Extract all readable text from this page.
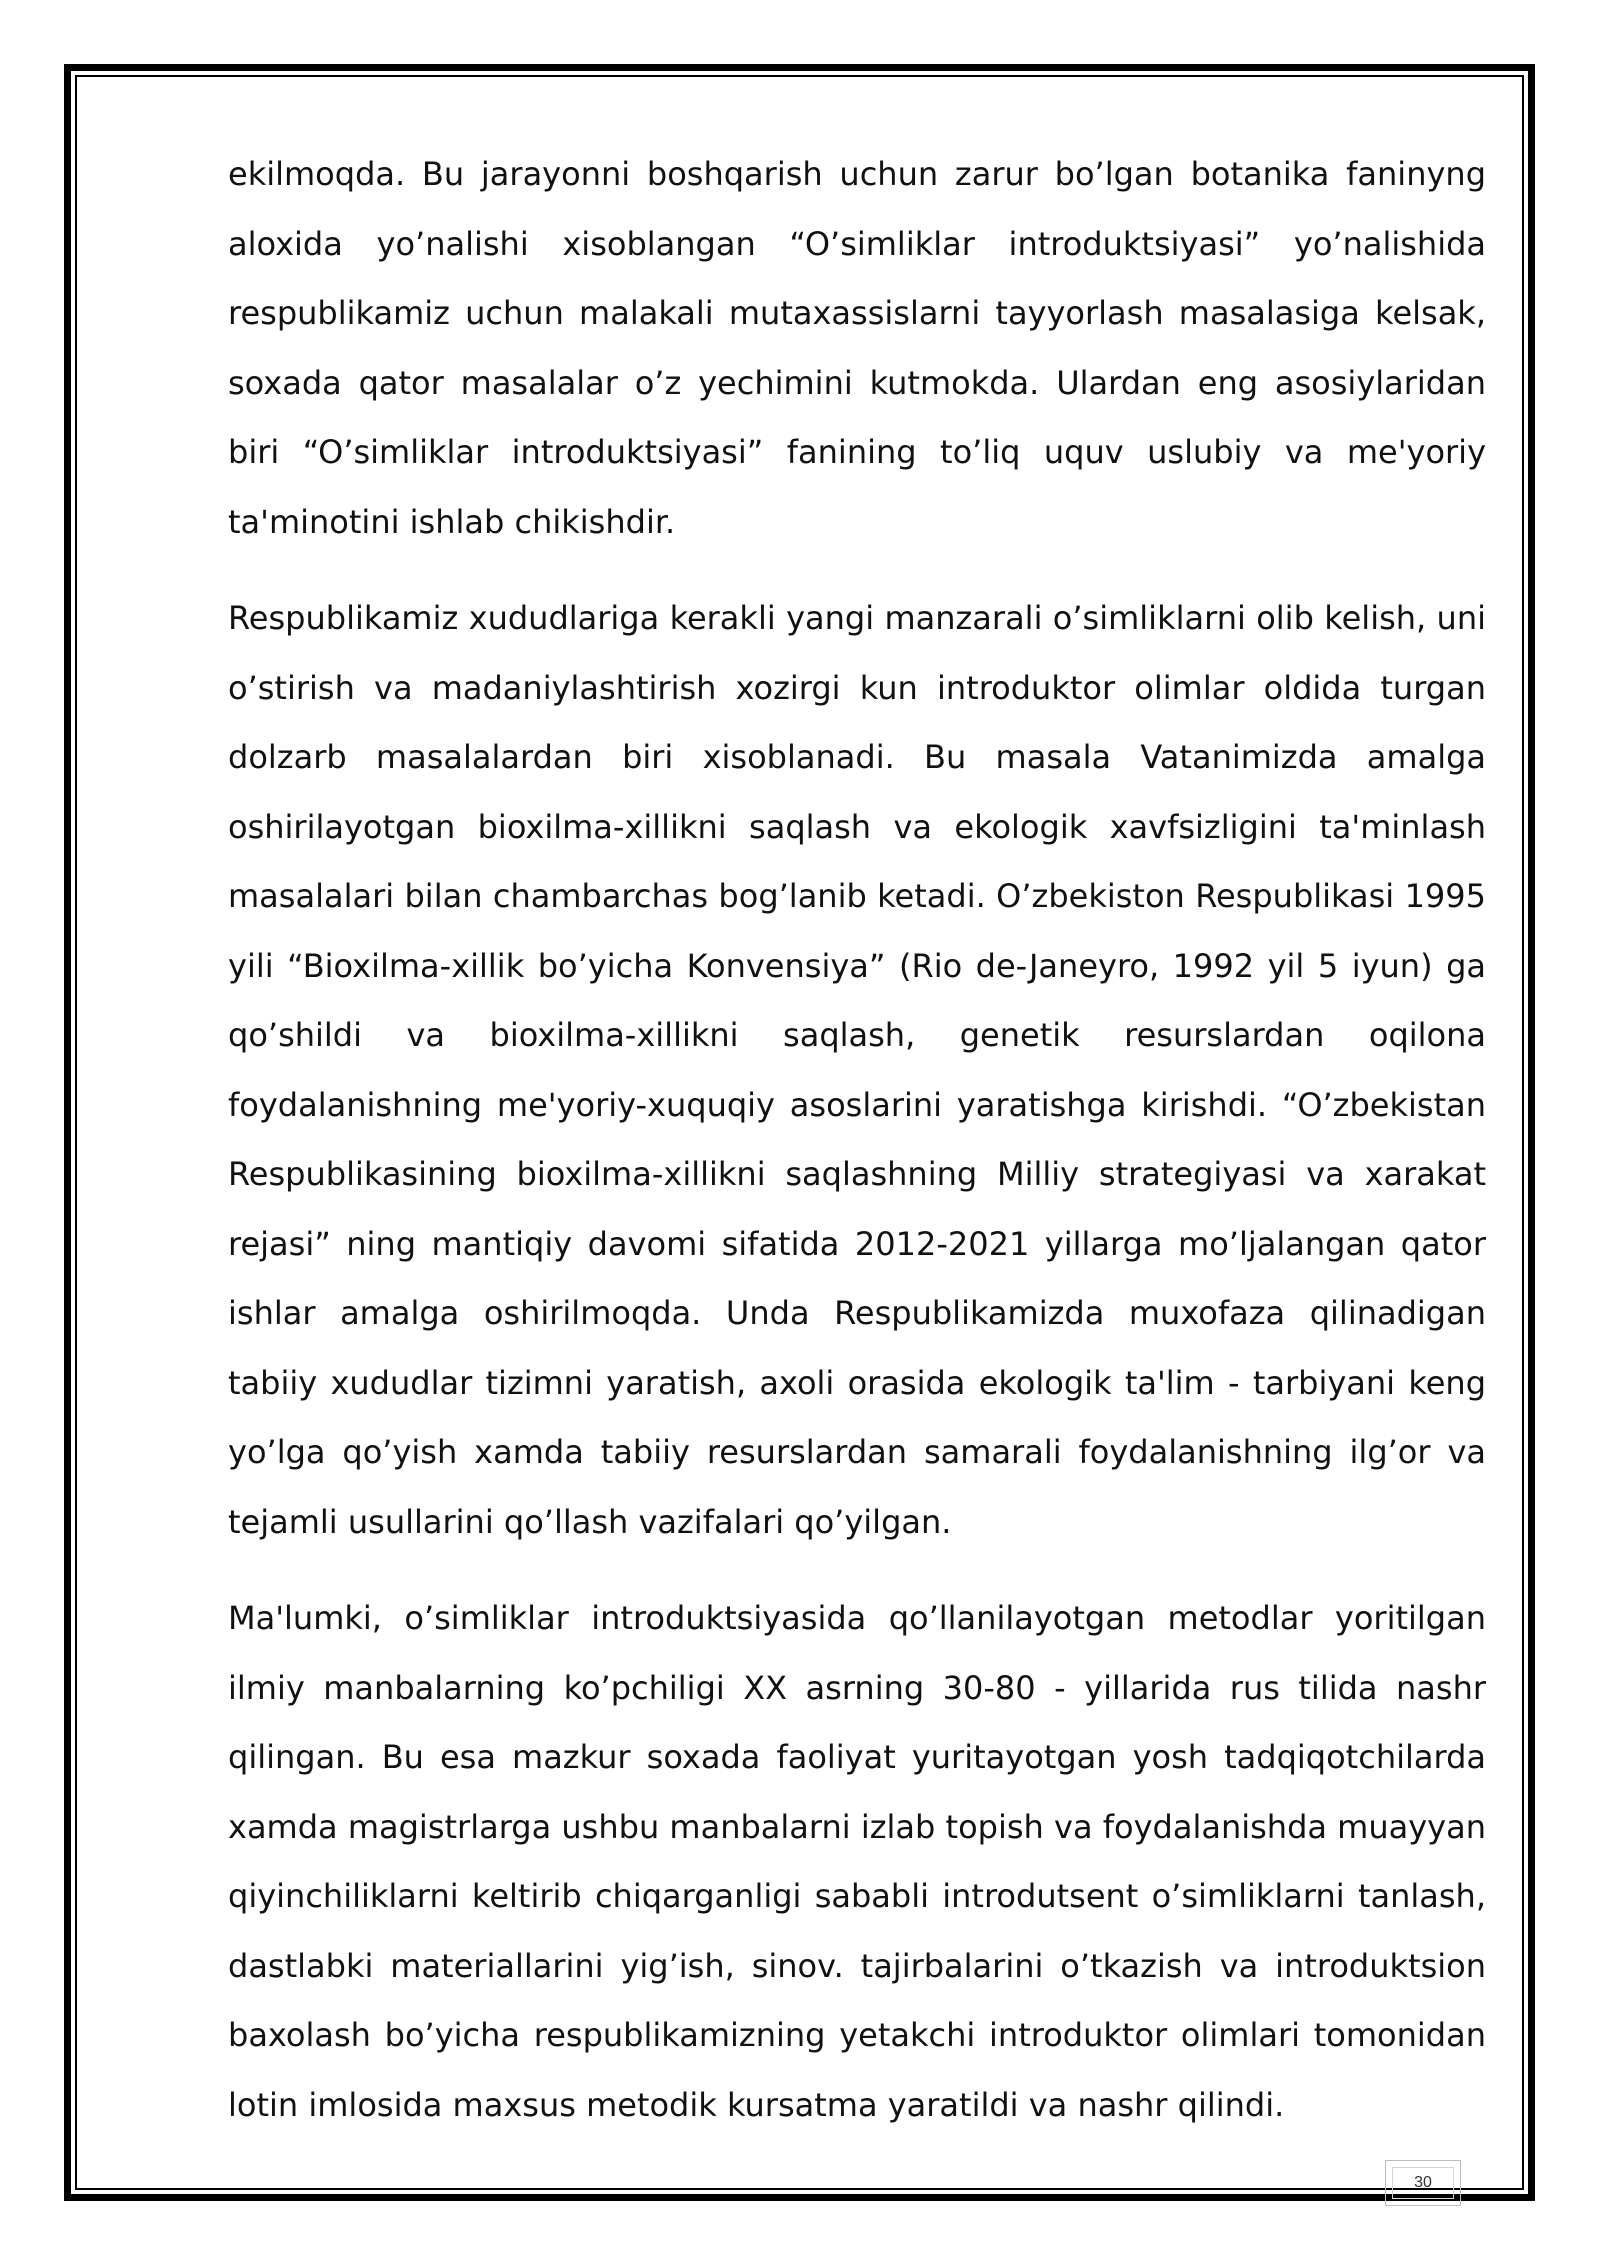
ekilmoqda. Bu jarayonni boshqarish uchun zarur bo’lgan botanika faninyng aloxida yo’nalishi xisoblangan “O’simliklar introduktsiyasi” yo’nalishida respublikamiz uchun malakali mutaxassislarni tayyorlash masalasiga kelsak, soxada qator masalalar o’z yechimini kutmokda. Ulardan eng asosiylaridan biri “O’simliklar introduktsiyasi” fanining to’liq uquv uslubiy va me'yoriy ta'minotini ishlab chikishdir.

Respublikamiz xududlariga kerakli yangi manzarali o’simliklarni olib kelish, uni o’stirish va madaniylashtirish xozirgi kun introduktor olimlar oldida turgan dolzarb masalalardan biri xisoblanadi. Bu masala Vatanimizda amalga oshirilayotgan bioxilma-xillikni saqlash va ekologik xavfsizligini ta'minlash masalalari bilan chambarchas bog’lanib ketadi. O’zbekiston Respublikasi 1995 yili “Bioxilma-xillik bo’yicha Konvensiya” (Rio de-Janeyro, 1992 yil 5 iyun) ga qo’shildi va bioxilma-xillikni saqlash, genetik resurslardan oqilona foydalanishning me'yoriy-xuquqiy asoslarini yaratishga kirishdi. “O’zbekistan Respublikasining bioxilma-xillikni saqlashning Milliy strategiyasi va xarakat rejasi” ning mantiqiy davomi sifatida 2012-2021 yillarga mo’ljalangan qator ishlar amalga oshirilmoqda. Unda Respublikamizda muxofaza qilinadigan tabiiy xududlar tizimni yaratish, axoli orasida ekologik ta'lim - tarbiyani keng yo’lga qo’yish xamda tabiiy resurslardan samarali foydalanishning ilg’or va tejamli usullarini qo’llash vazifalari qo’yilgan.

Ma'lumki, o’simliklar introduktsiyasida qo’llanilayotgan metodlar yoritilgan ilmiy manbalarning ko’pchiligi XX asrning 30-80 - yillarida rus tilida nashr qilingan. Bu esa mazkur soxada faoliyat yuritayotgan yosh tadqiqotchilarda xamda magistrlarga ushbu manbalarni izlab topish va foydalanishda muayyan qiyinchiliklarni keltirib chiqarganligi sababli introdutsent o’simliklarni tanlash, dastlabki materiallarini yig’ish, sinov. tajirbalarini o’tkazish va introduktsion baxolash bo’yicha respublikamizning yetakchi introduktor olimlari tomonidan lotin imlosida maxsus metodik kursatma yaratildi va nashr qilindi.

30
